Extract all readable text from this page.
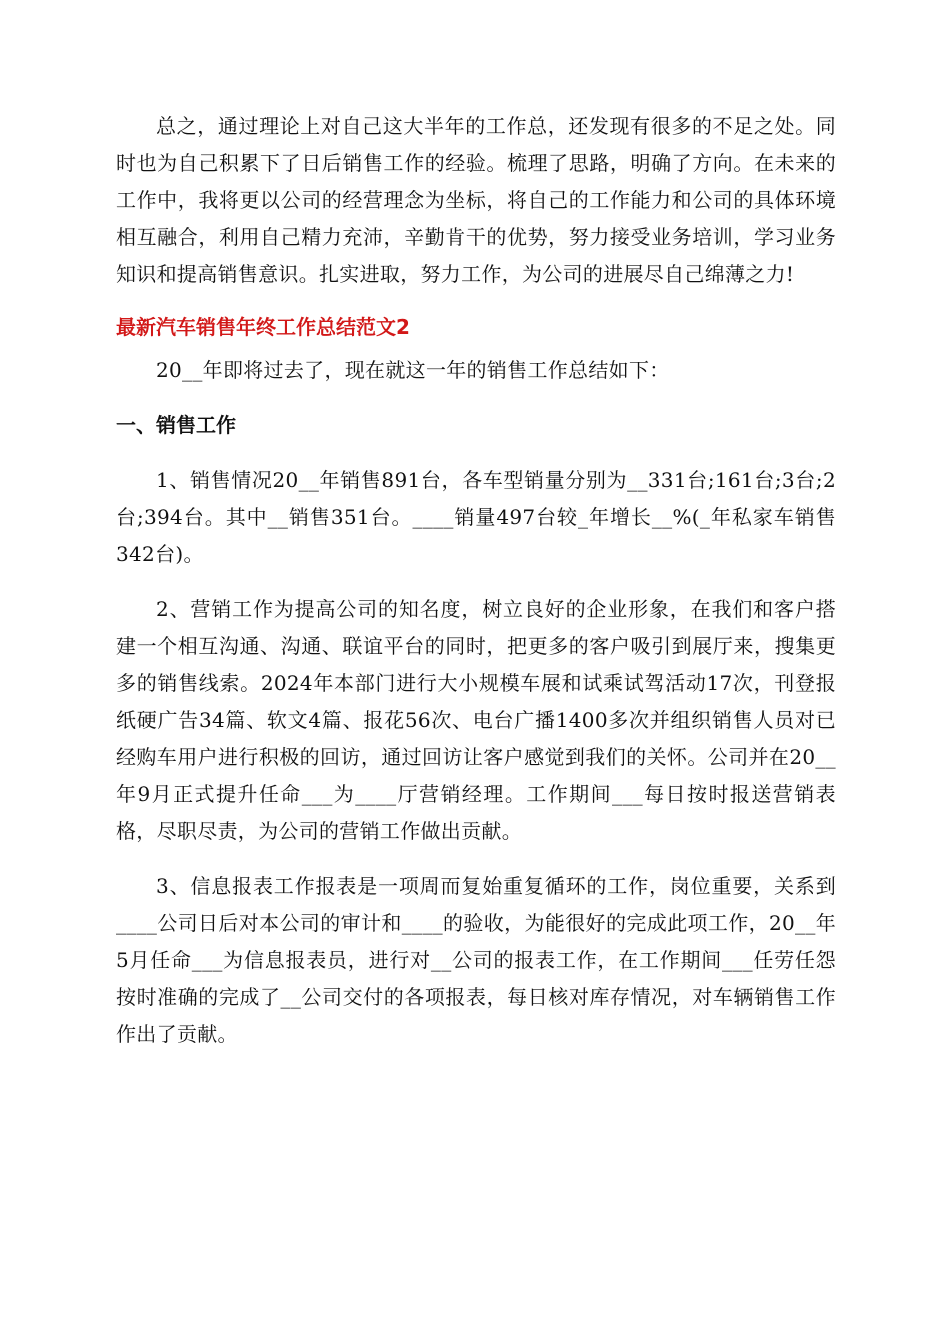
总之，通过理论上对自己这大半年的工作总，还发现有很多的不足之处。同时也为自己积累下了日后销售工作的经验。梳理了思路，明确了方向。在未来的工作中，我将更以公司的经营理念为坐标，将自己的工作能力和公司的具体环境相互融合，利用自己精力充沛，辛勤肯干的优势，努力接受业务培训，学习业务知识和提高销售意识。扎实进取，努力工作，为公司的进展尽自己绵薄之力!

最新汽车销售年终工作总结范文2

20__年即将过去了，现在就这一年的销售工作总结如下：

一、销售工作

1、销售情况20__年销售891台，各车型销量分别为__331台;161台;3台;2台;394台。其中__销售351台。____销量497台较_年增长__%(_年私家车销售342台)。

2、营销工作为提高公司的知名度，树立良好的企业形象，在我们和客户搭建一个相互沟通、沟通、联谊平台的同时，把更多的客户吸引到展厅来，搜集更多的销售线索。2024年本部门进行大小规模车展和试乘试驾活动17次，刊登报纸硬广告34篇、软文4篇、报花56次、电台广播1400多次并组织销售人员对已经购车用户进行积极的回访，通过回访让客户感觉到我们的关怀。公司并在20__年9月正式提升任命___为____厅营销经理。工作期间___每日按时报送营销表格，尽职尽责，为公司的营销工作做出贡献。

3、信息报表工作报表是一项周而复始重复循环的工作，岗位重要，关系到____公司日后对本公司的审计和____的验收，为能很好的完成此项工作，20__年5月任命___为信息报表员，进行对__公司的报表工作，在工作期间___任劳任怨按时准确的完成了__公司交付的各项报表，每日核对库存情况，对车辆销售工作作出了贡献。
